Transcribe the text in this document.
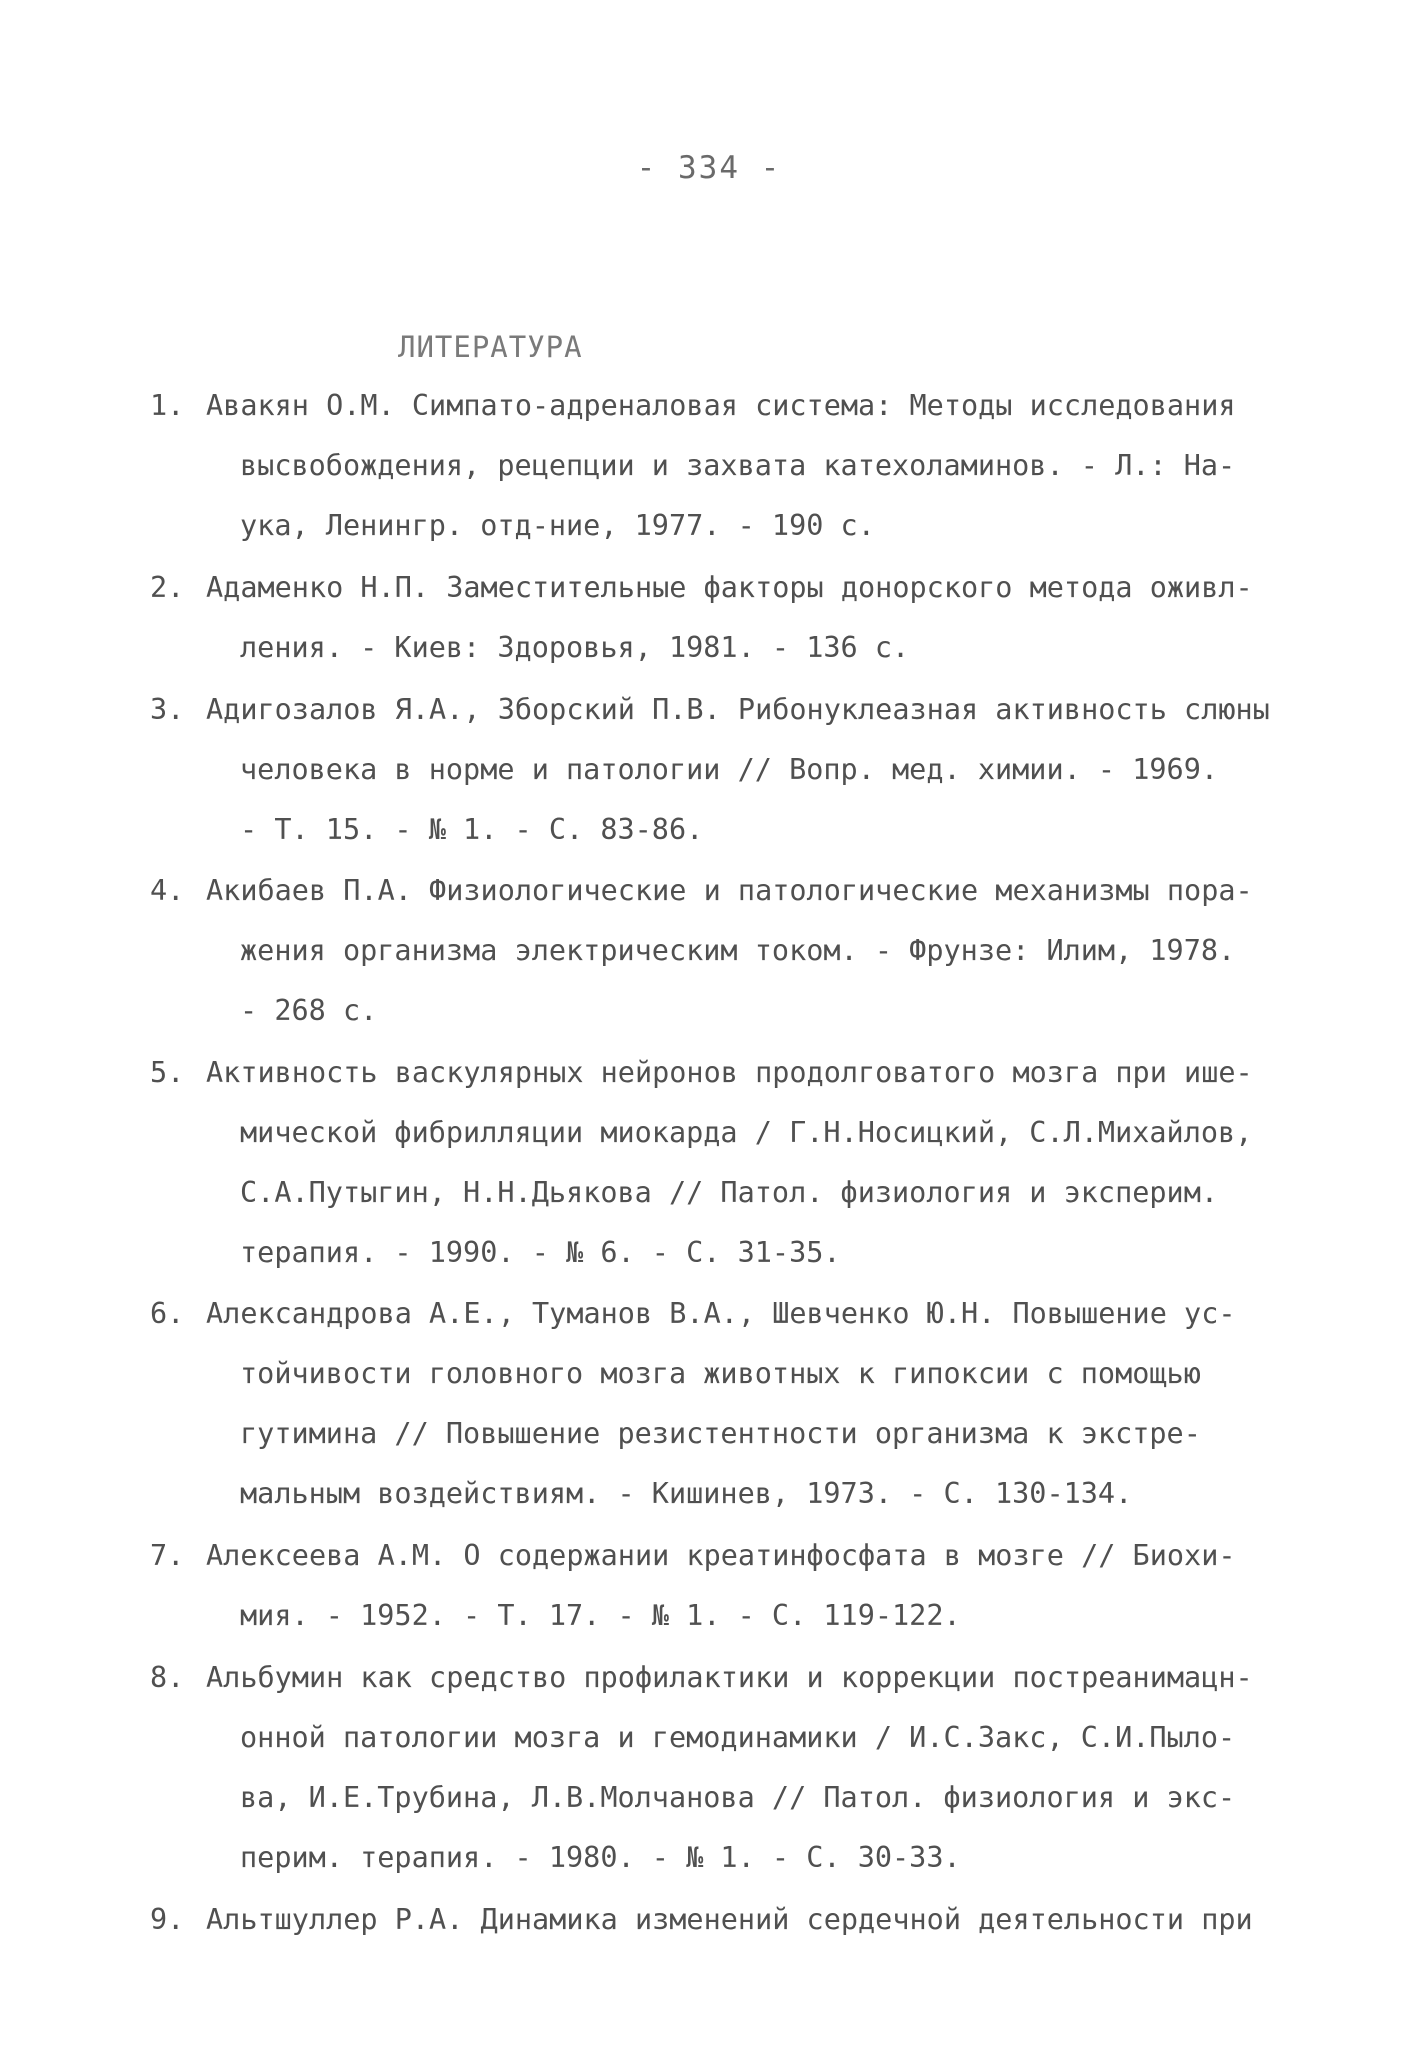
- 334 -
ЛИТЕРАТУРА
1. Авакян О.М. Симпато-адреналовая система: Методы исследования
высвобождения, рецепции и захвата катехоламинов. - Л.: На-
ука, Ленингр. отд-ние, 1977. - 190 с.
2. Адаменко Н.П. Заместительные факторы донорского метода оживл-
ления. - Киев: Здоровья, 1981. - 136 с.
3. Адигозалов Я.А., Зборский П.В. Рибонуклеазная активность слюны
человека в норме и патологии // Вопр. мед. химии. - 1969.
- Т. 15. - № 1. - С. 83-86.
4. Акибаев П.А. Физиологические и патологические механизмы пора-
жения организма электрическим током. - Фрунзе: Илим, 1978.
- 268 с.
5. Активность васкулярных нейронов продолговатого мозга при ише-
мической фибрилляции миокарда / Г.Н.Носицкий, С.Л.Михайлов,
С.А.Путыгин, Н.Н.Дьякова // Патол. физиология и эксперим.
терапия. - 1990. - № 6. - С. 31-35.
6. Александрова А.Е., Туманов В.А., Шевченко Ю.Н. Повышение ус-
тойчивости головного мозга животных к гипоксии с помощью
гутимина // Повышение резистентности организма к экстре-
мальным воздействиям. - Кишинев, 1973. - С. 130-134.
7. Алексеева А.М. О содержании креатинфосфата в мозге // Биохи-
мия. - 1952. - Т. 17. - № 1. - С. 119-122.
8. Альбумин как средство профилактики и коррекции постреанимацн-
онной патологии мозга и гемодинамики / И.С.Закс, С.И.Пыло-
ва, И.Е.Трубина, Л.В.Молчанова // Патол. физиология и экс-
перим. терапия. - 1980. - № 1. - С. 30-33.
9. Альтшуллер Р.А. Динамика изменений сердечной деятельности при
